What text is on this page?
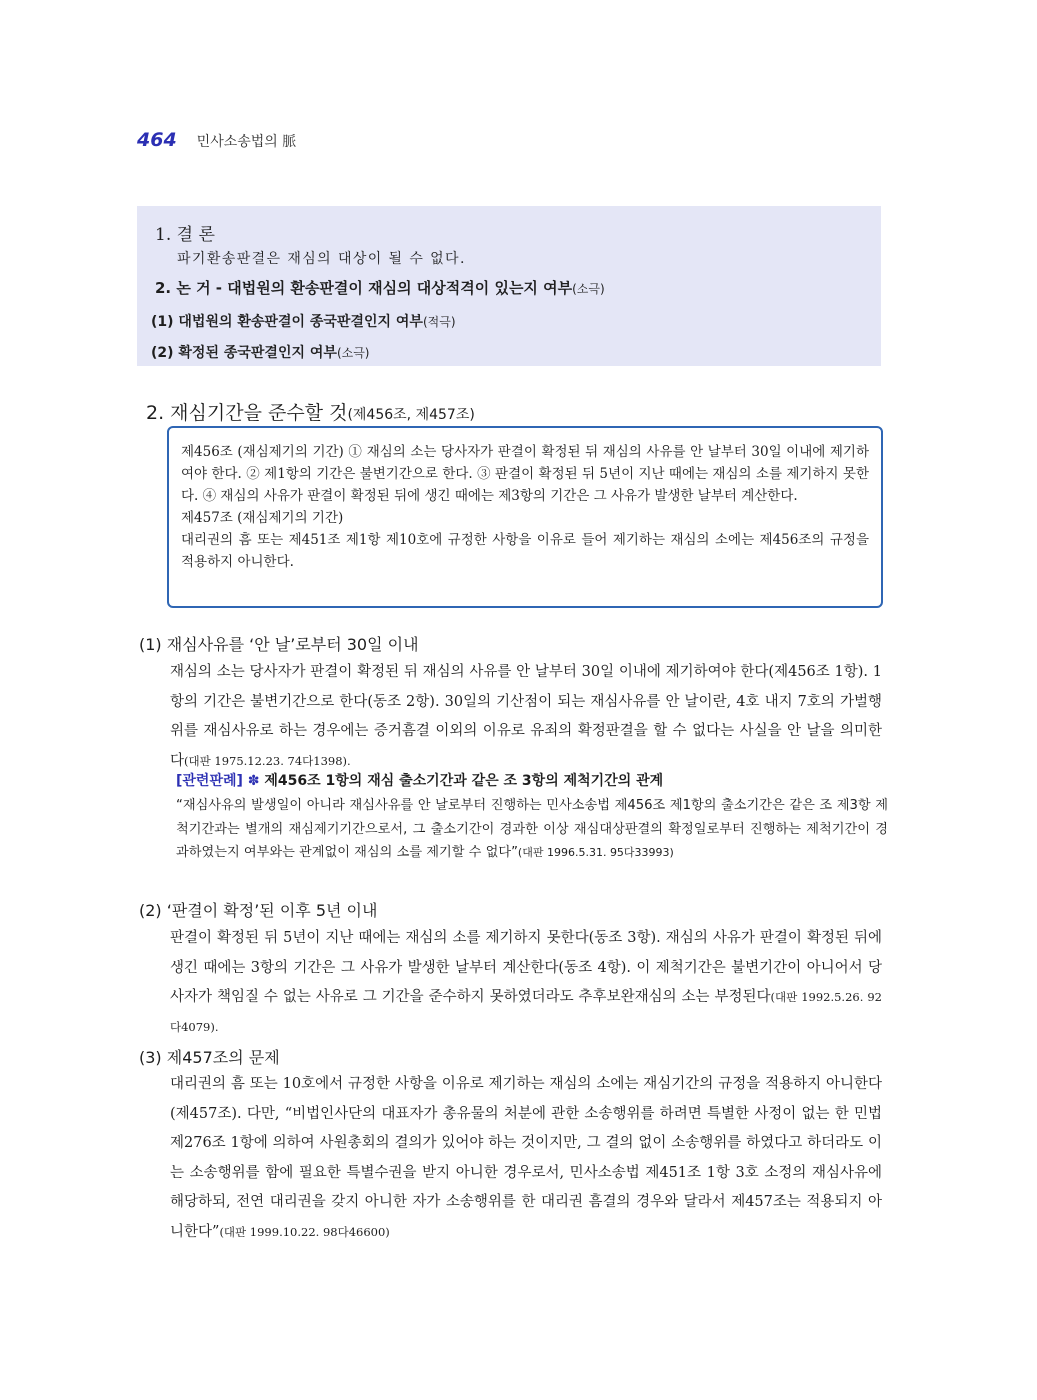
464 민사소송법의 脈
1. 결 론
파기환송판결은 재심의 대상이 될 수 없다.
2. 논 거 - 대법원의 환송판결이 재심의 대상적격이 있는지 여부(소극)
(1) 대법원의 환송판결이 종국판결인지 여부(적극)
(2) 확정된 종국판결인지 여부(소극)
2. 재심기간을 준수할 것(제456조, 제457조)

제456조 (재심제기의 기간) ① 재심의 소는 당사자가 판결이 확정된 뒤 재심의 사유를 안 날부터 30일 이내에 제기하여야 한다. ② 제1항의 기간은 불변기간으로 한다. ③ 판결이 확정된 뒤 5년이 지난 때에는 재심의 소를 제기하지 못한다. ④ 재심의 사유가 판결이 확정된 뒤에 생긴 때에는 제3항의 기간은 그 사유가 발생한 날부터 계산한다.

제457조 (재심제기의 기간)

대리권의 흠 또는 제451조 제1항 제10호에 규정한 사항을 이유로 들어 제기하는 재심의 소에는 제456조의 규정을 적용하지 아니한다.

(1) 재심사유를 ‘안 날’로부터 30일 이내

재심의 소는 당사자가 판결이 확정된 뒤 재심의 사유를 안 날부터 30일 이내에 제기하여야 한다(제456조 1항). 1항의 기간은 불변기간으로 한다(동조 2항). 30일의 기산점이 되는 재심사유를 안 날이란, 4호 내지 7호의 가벌행위를 재심사유로 하는 경우에는 증거흠결 이외의 이유로 유죄의 확정판결을 할 수 없다는 사실을 안 날을 의미한다(대판 1975.12.23. 74다1398).

[관련판례] ✽ 제456조 1항의 재심 출소기간과 같은 조 3항의 제척기간의 관계

“재심사유의 발생일이 아니라 재심사유를 안 날로부터 진행하는 민사소송법 제456조 제1항의 출소기간은 같은 조 제3항 제척기간과는 별개의 재심제기기간으로서, 그 출소기간이 경과한 이상 재심대상판결의 확정일로부터 진행하는 제척기간이 경과하였는지 여부와는 관계없이 재심의 소를 제기할 수 없다”(대판 1996.5.31. 95다33993)

(2) ‘판결이 확정’된 이후 5년 이내

판결이 확정된 뒤 5년이 지난 때에는 재심의 소를 제기하지 못한다(동조 3항). 재심의 사유가 판결이 확정된 뒤에 생긴 때에는 3항의 기간은 그 사유가 발생한 날부터 계산한다(동조 4항). 이 제척기간은 불변기간이 아니어서 당사자가 책임질 수 없는 사유로 그 기간을 준수하지 못하였더라도 추후보완재심의 소는 부정된다(대판 1992.5.26. 92다4079).

(3) 제457조의 문제

대리권의 흠 또는 10호에서 규정한 사항을 이유로 제기하는 재심의 소에는 재심기간의 규정을 적용하지 아니한다(제457조). 다만, “비법인사단의 대표자가 총유물의 처분에 관한 소송행위를 하려면 특별한 사정이 없는 한 민법 제276조 1항에 의하여 사원총회의 결의가 있어야 하는 것이지만, 그 결의 없이 소송행위를 하였다고 하더라도 이는 소송행위를 함에 필요한 특별수권을 받지 아니한 경우로서, 민사소송법 제451조 1항 3호 소정의 재심사유에 해당하되, 전연 대리권을 갖지 아니한 자가 소송행위를 한 대리권 흠결의 경우와 달라서 제457조는 적용되지 아니한다”(대판 1999.10.22. 98다46600)
